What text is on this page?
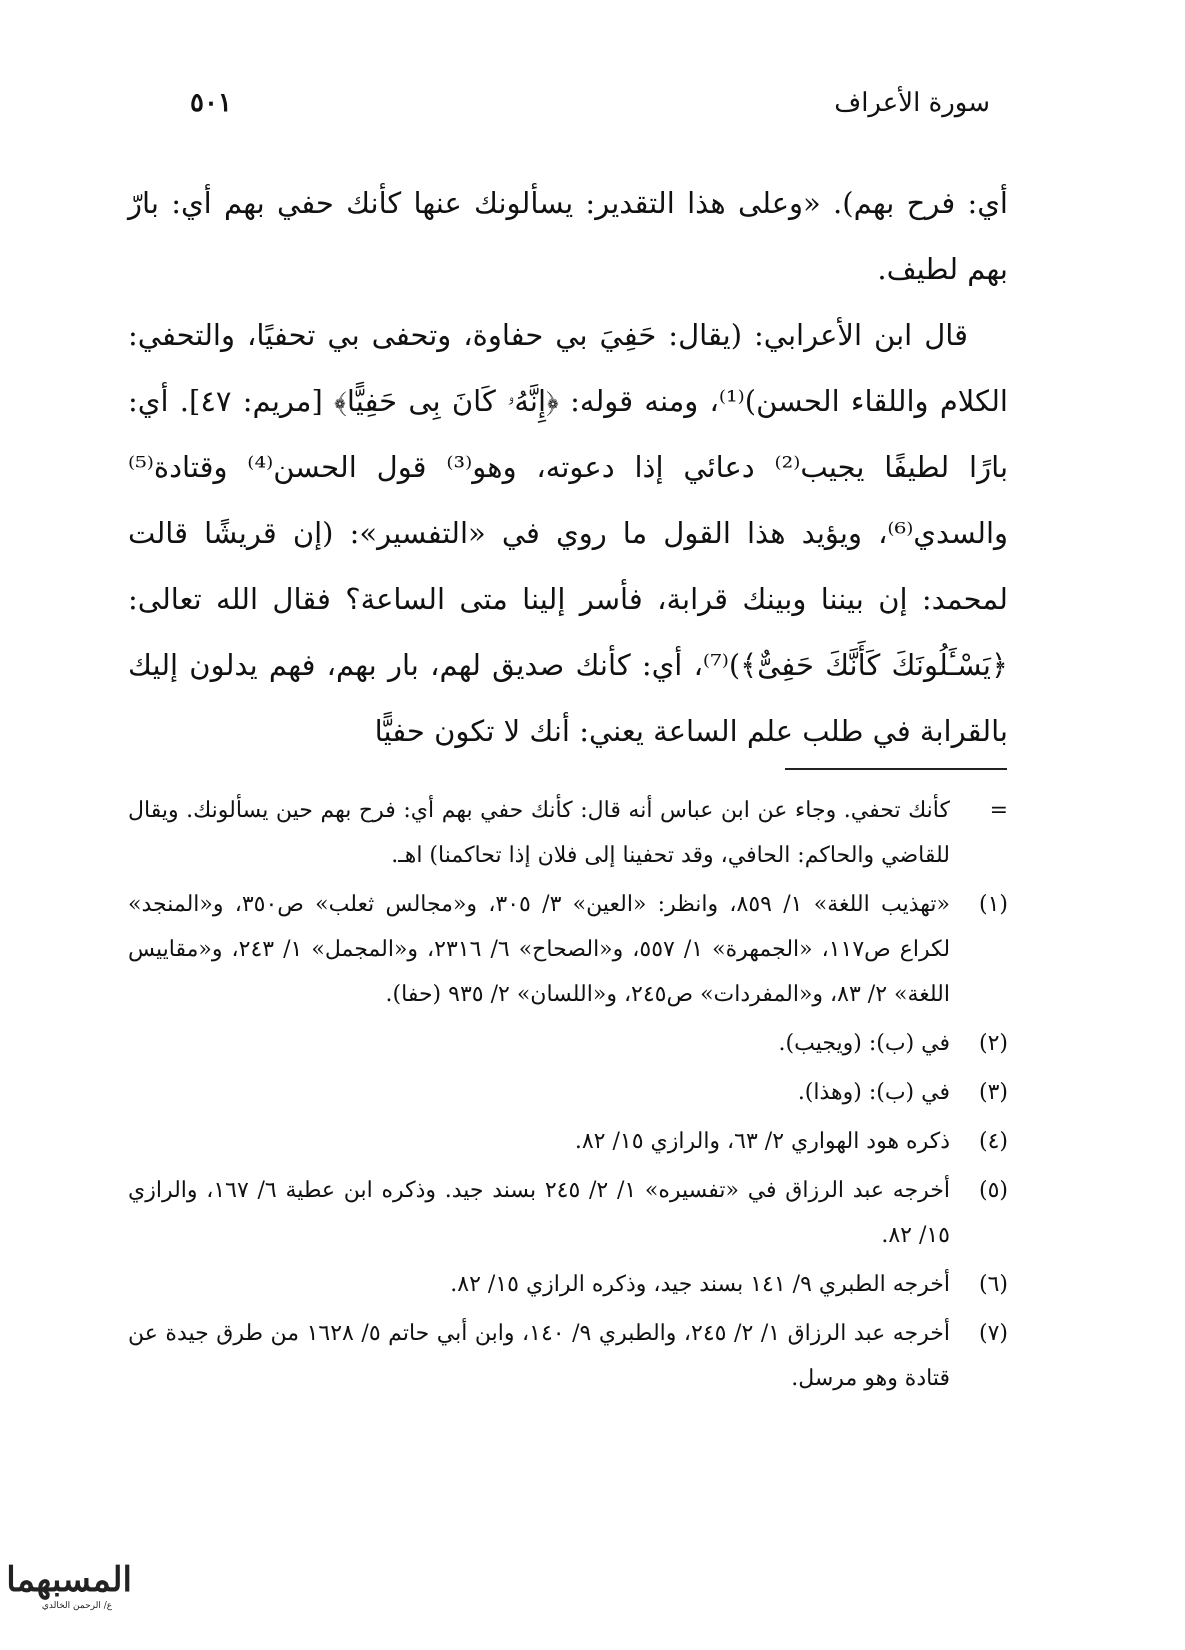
سورة الأعراف
٥٠١

أي: فرح بهم). «وعلى هذا التقدير: يسألونك عنها كأنك حفي بهم أي: بارّ بهم لطيف.

قال ابن الأعرابي: (يقال: حَفِيَ بي حفاوة، وتحفى بي تحفيًا، والتحفي: الكلام واللقاء الحسن)⁽¹⁾، ومنه قوله: ﴿إِنَّهُۥ كَانَ بِى حَفِيًّا﴾ [مريم: ٤٧]. أي: بارًا لطيفًا يجيب⁽²⁾ دعائي إذا دعوته، وهو⁽³⁾ قول الحسن⁽⁴⁾ وقتادة⁽⁵⁾ والسدي⁽⁶⁾، ويؤيد هذا القول ما روي في «التفسير»: (إن قريشًا قالت لمحمد: إن بيننا وبينك قرابة، فأسر إلينا متى الساعة؟ فقال الله تعالى: ﴿يَسْـَٔلُونَكَ كَأَنَّكَ حَفِىٌّ﴾)⁽⁷⁾، أي: كأنك صديق لهم، بار بهم، فهم يدلون إليك بالقرابة في طلب علم الساعة يعني: أنك لا تكون حفيًّا

=
كأنك تحفي. وجاء عن ابن عباس أنه قال: كأنك حفي بهم أي: فرح بهم حين يسألونك. ويقال للقاضي والحاكم: الحافي، وقد تحفينا إلى فلان إذا تحاكمنا) اهـ.
(١)
«تهذيب اللغة» ١/ ٨٥٩، وانظر: «العين» ٣/ ٣٠٥، و«مجالس ثعلب» ص٣٥٠، و«المنجد» لكراع ص١١٧، «الجمهرة» ١/ ٥٥٧، و«الصحاح» ٦/ ٢٣١٦، و«المجمل» ١/ ٢٤٣، و«مقاييس اللغة» ٢/ ٨٣، و«المفردات» ص٢٤٥، و«اللسان» ٢/ ٩٣٥ (حفا).
(٢)
في (ب): (ويجيب).
(٣)
في (ب): (وهذا).
(٤)
ذكره هود الهواري ٢/ ٦٣، والرازي ١٥/ ٨٢.
(٥)
أخرجه عبد الرزاق في «تفسيره» ١/ ٢/ ٢٤٥ بسند جيد. وذكره ابن عطية ٦/ ١٦٧، والرازي ١٥/ ٨٢.
(٦)
أخرجه الطبري ٩/ ١٤١ بسند جيد، وذكره الرازي ١٥/ ٨٢.
(٧)
أخرجه عبد الرزاق ١/ ٢/ ٢٤٥، والطبري ٩/ ١٤٠، وابن أبي حاتم ٥/ ١٦٢٨ من طرق جيدة عن قتادة وهو مرسل.
المسبهما
ع/ الرحمن الخالدي
